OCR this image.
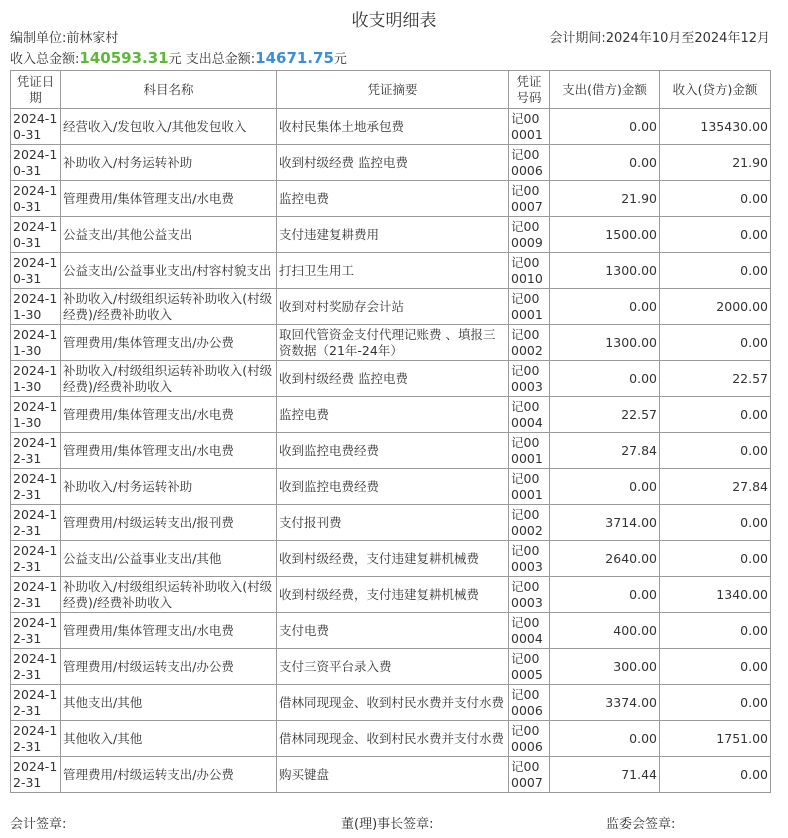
收支明细表
编制单位:前林家村	会计期间:2024年10月至2024年12月
收入总金额:140593.31元 支出总金额:14671.75元
凭证日期	科目名称	凭证摘要	凭证号码	支出(借方)金额	收入(贷方)金额
2024-10-31	经营收入/发包收入/其他发包收入	收村民集体土地承包费	记000001	0.00	135430.00
2024-10-31	补助收入/村务运转补助	收到村级经费 监控电费	记000006	0.00	21.90
2024-10-31	管理费用/集体管理支出/水电费	监控电费	记000007	21.90	0.00
2024-10-31	公益支出/其他公益支出	支付违建复耕费用	记000009	1500.00	0.00
2024-10-31	公益支出/公益事业支出/村容村貌支出	打扫卫生用工	记000010	1300.00	0.00
2024-11-30	补助收入/村级组织运转补助收入(村级经费)/经费补助收入	收到对村奖励存会计站	记000001	0.00	2000.00
2024-11-30	管理费用/集体管理支出/办公费	取回代管资金支付代理记账费 、填报三资数据（21年-24年）	记000002	1300.00	0.00
2024-11-30	补助收入/村级组织运转补助收入(村级经费)/经费补助收入	收到村级经费 监控电费	记000003	0.00	22.57
2024-11-30	管理费用/集体管理支出/水电费	监控电费	记000004	22.57	0.00
2024-12-31	管理费用/集体管理支出/水电费	收到监控电费经费	记000001	27.84	0.00
2024-12-31	补助收入/村务运转补助	收到监控电费经费	记000001	0.00	27.84
2024-12-31	管理费用/村级运转支出/报刊费	支付报刊费	记000002	3714.00	0.00
2024-12-31	公益支出/公益事业支出/其他	收到村级经费，支付违建复耕机械费	记000003	2640.00	0.00
2024-12-31	补助收入/村级组织运转补助收入(村级经费)/经费补助收入	收到村级经费，支付违建复耕机械费	记000003	0.00	1340.00
2024-12-31	管理费用/集体管理支出/水电费	支付电费	记000004	400.00	0.00
2024-12-31	管理费用/村级运转支出/办公费	支付三资平台录入费	记000005	300.00	0.00
2024-12-31	其他支出/其他	借林同现现金、收到村民水费并支付水费	记000006	3374.00	0.00
2024-12-31	其他收入/其他	借林同现现金、收到村民水费并支付水费	记000006	0.00	1751.00
2024-12-31	管理费用/村级运转支出/办公费	购买键盘	记000007	71.44	0.00
会计签章:	董(理)事长签章:	监委会签章:
